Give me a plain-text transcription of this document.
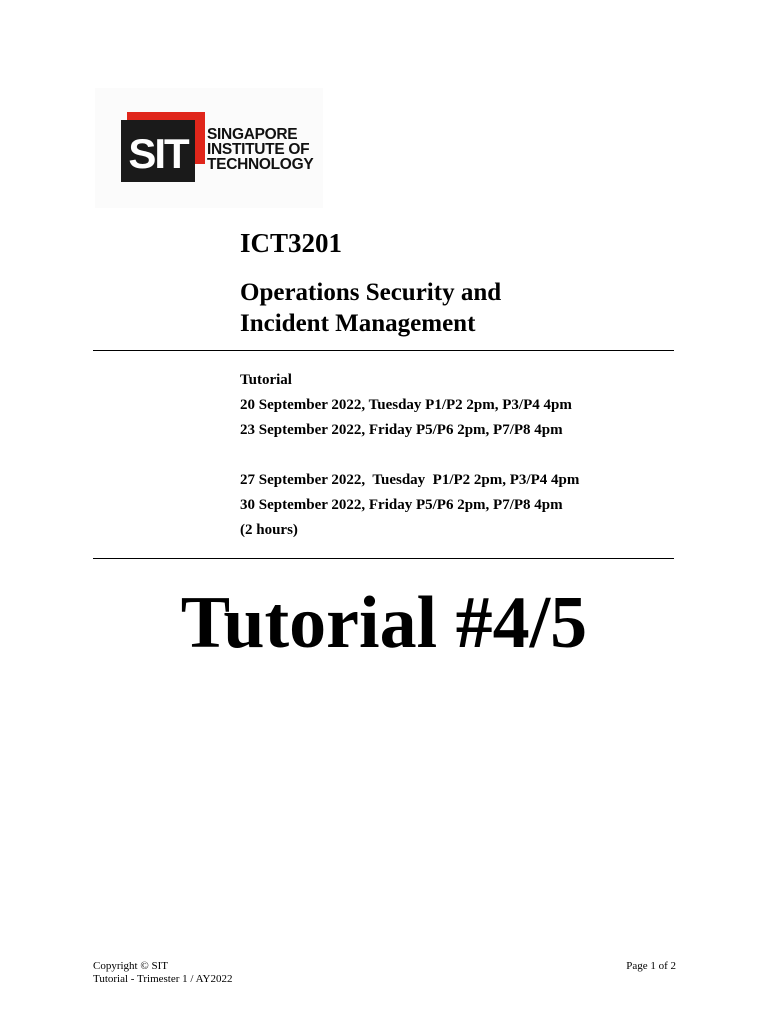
SIT SINGAPORE
INSTITUTE OF
TECHNOLOGY
ICT3201
Operations Security and
Incident Management
Tutorial
20 September 2022, Tuesday P1/P2 2pm, P3/P4 4pm
23 September 2022, Friday P5/P6 2pm, P7/P8 4pm
27 September 2022,  Tuesday  P1/P2 2pm, P3/P4 4pm
30 September 2022, Friday P5/P6 2pm, P7/P8 4pm
(2 hours)
Tutorial #4/5
Copyright © SIT
Tutorial - Trimester 1 / AY2022
Page 1 of 2
